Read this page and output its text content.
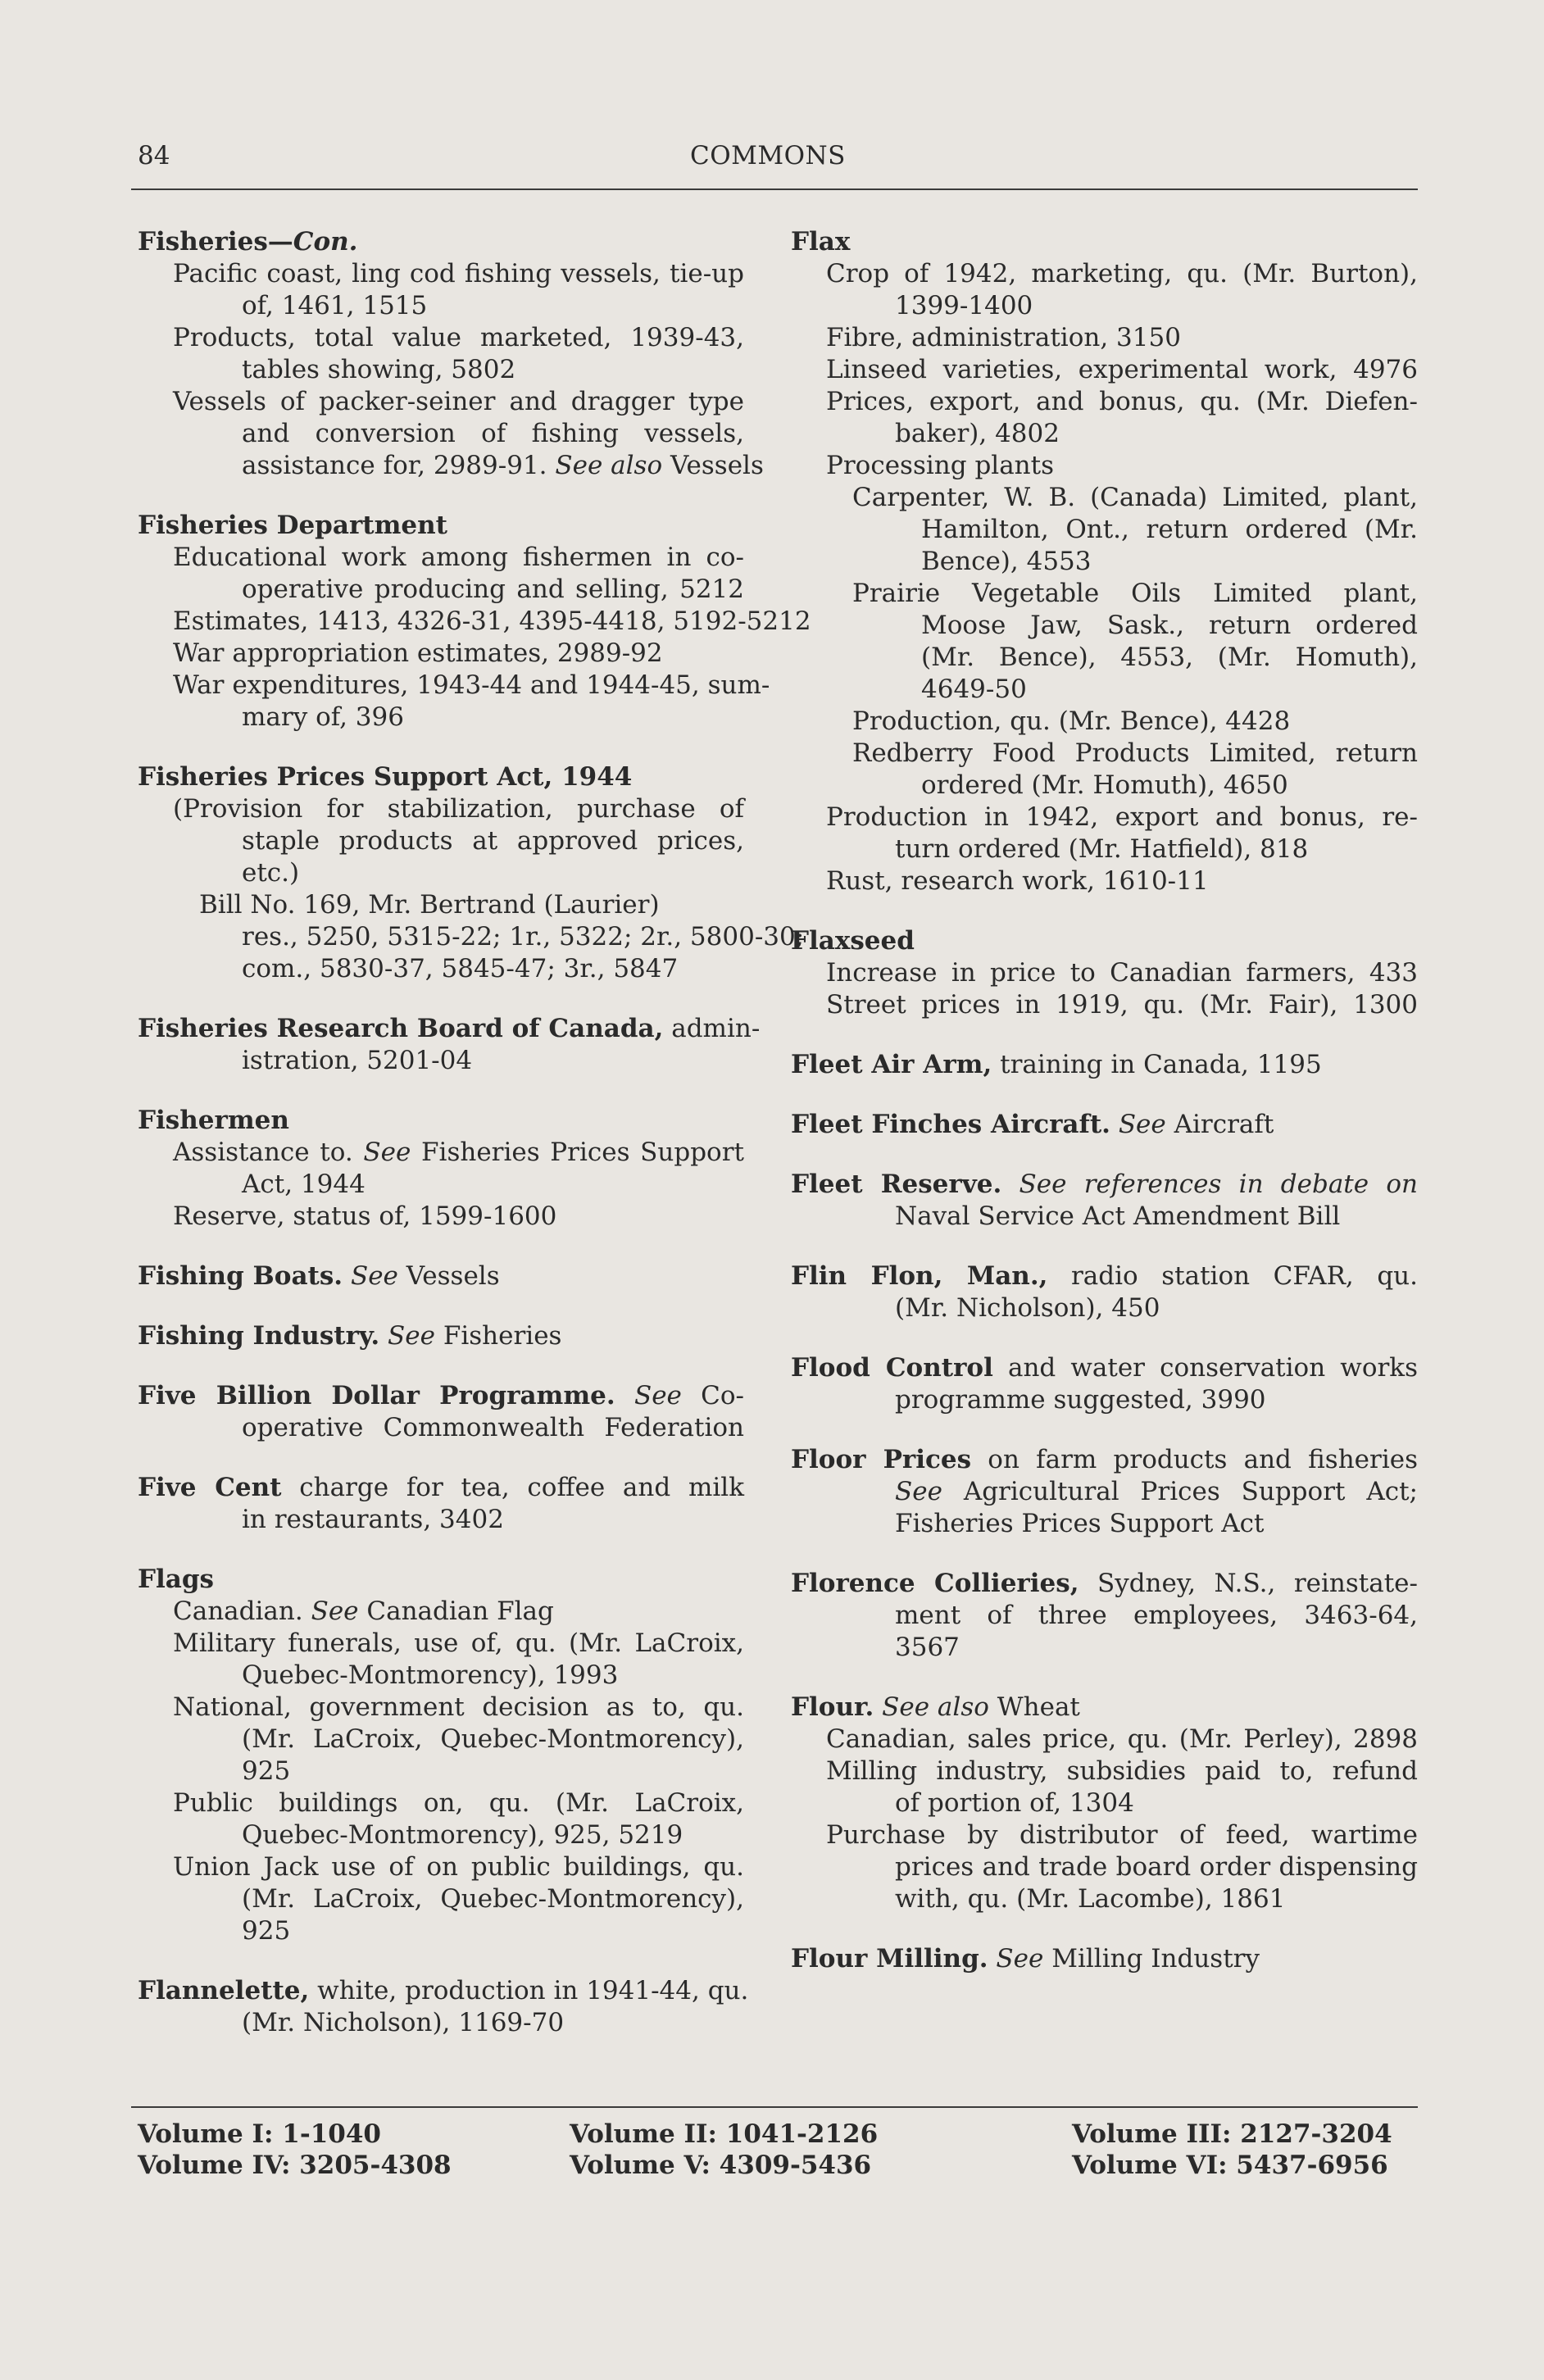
84	COMMONS
Fisheries—Con.
Pacific coast, ling cod fishing vessels, tie-up
of, 1461, 1515
Products, total value marketed, 1939-43,
tables showing, 5802
Vessels of packer-seiner and dragger type
and conversion of fishing vessels,
assistance for, 2989-91. See also Vessels
Fisheries Department
Educational work among fishermen in co-
operative producing and selling, 5212
Estimates, 1413, 4326-31, 4395-4418, 5192-5212
War appropriation estimates, 2989-92
War expenditures, 1943-44 and 1944-45, sum-
mary of, 396
Fisheries Prices Support Act, 1944
(Provision for stabilization, purchase of
staple products at approved prices,
etc.)
Bill No. 169, Mr. Bertrand (Laurier)
res., 5250, 5315-22; 1r., 5322; 2r., 5800-30;
com., 5830-37, 5845-47; 3r., 5847
Fisheries Research Board of Canada, admin-
istration, 5201-04
Fishermen
Assistance to. See Fisheries Prices Support
Act, 1944
Reserve, status of, 1599-1600
Fishing Boats. See Vessels
Fishing Industry. See Fisheries
Five Billion Dollar Programme. See Co-
operative Commonwealth Federation
Five Cent charge for tea, coffee and milk
in restaurants, 3402
Flags
Canadian. See Canadian Flag
Military funerals, use of, qu. (Mr. LaCroix,
Quebec-Montmorency), 1993
National, government decision as to, qu.
(Mr. LaCroix, Quebec-Montmorency),
925
Public buildings on, qu. (Mr. LaCroix,
Quebec-Montmorency), 925, 5219
Union Jack use of on public buildings, qu.
(Mr. LaCroix, Quebec-Montmorency),
925
Flannelette, white, production in 1941-44, qu.
(Mr. Nicholson), 1169-70
Flax
Crop of 1942, marketing, qu. (Mr. Burton),
1399-1400
Fibre, administration, 3150
Linseed varieties, experimental work, 4976
Prices, export, and bonus, qu. (Mr. Diefen-
baker), 4802
Processing plants
Carpenter, W. B. (Canada) Limited, plant,
Hamilton, Ont., return ordered (Mr.
Bence), 4553
Prairie Vegetable Oils Limited plant,
Moose Jaw, Sask., return ordered
(Mr. Bence), 4553, (Mr. Homuth),
4649-50
Production, qu. (Mr. Bence), 4428
Redberry Food Products Limited, return
ordered (Mr. Homuth), 4650
Production in 1942, export and bonus, re-
turn ordered (Mr. Hatfield), 818
Rust, research work, 1610-11
Flaxseed
Increase in price to Canadian farmers, 433
Street prices in 1919, qu. (Mr. Fair), 1300
Fleet Air Arm, training in Canada, 1195
Fleet Finches Aircraft. See Aircraft
Fleet Reserve. See references in debate on
Naval Service Act Amendment Bill
Flin Flon, Man., radio station CFAR, qu.
(Mr. Nicholson), 450
Flood Control and water conservation works
programme suggested, 3990
Floor Prices on farm products and fisheries
See Agricultural Prices Support Act;
Fisheries Prices Support Act
Florence Collieries, Sydney, N.S., reinstate-
ment of three employees, 3463-64,
3567
Flour. See also Wheat
Canadian, sales price, qu. (Mr. Perley), 2898
Milling industry, subsidies paid to, refund
of portion of, 1304
Purchase by distributor of feed, wartime
prices and trade board order dispensing
with, qu. (Mr. Lacombe), 1861
Flour Milling. See Milling Industry
Volume I: 1-1040
Volume IV: 3205-4308
Volume II: 1041-2126
Volume V: 4309-5436
Volume III: 2127-3204
Volume VI: 5437-6956
